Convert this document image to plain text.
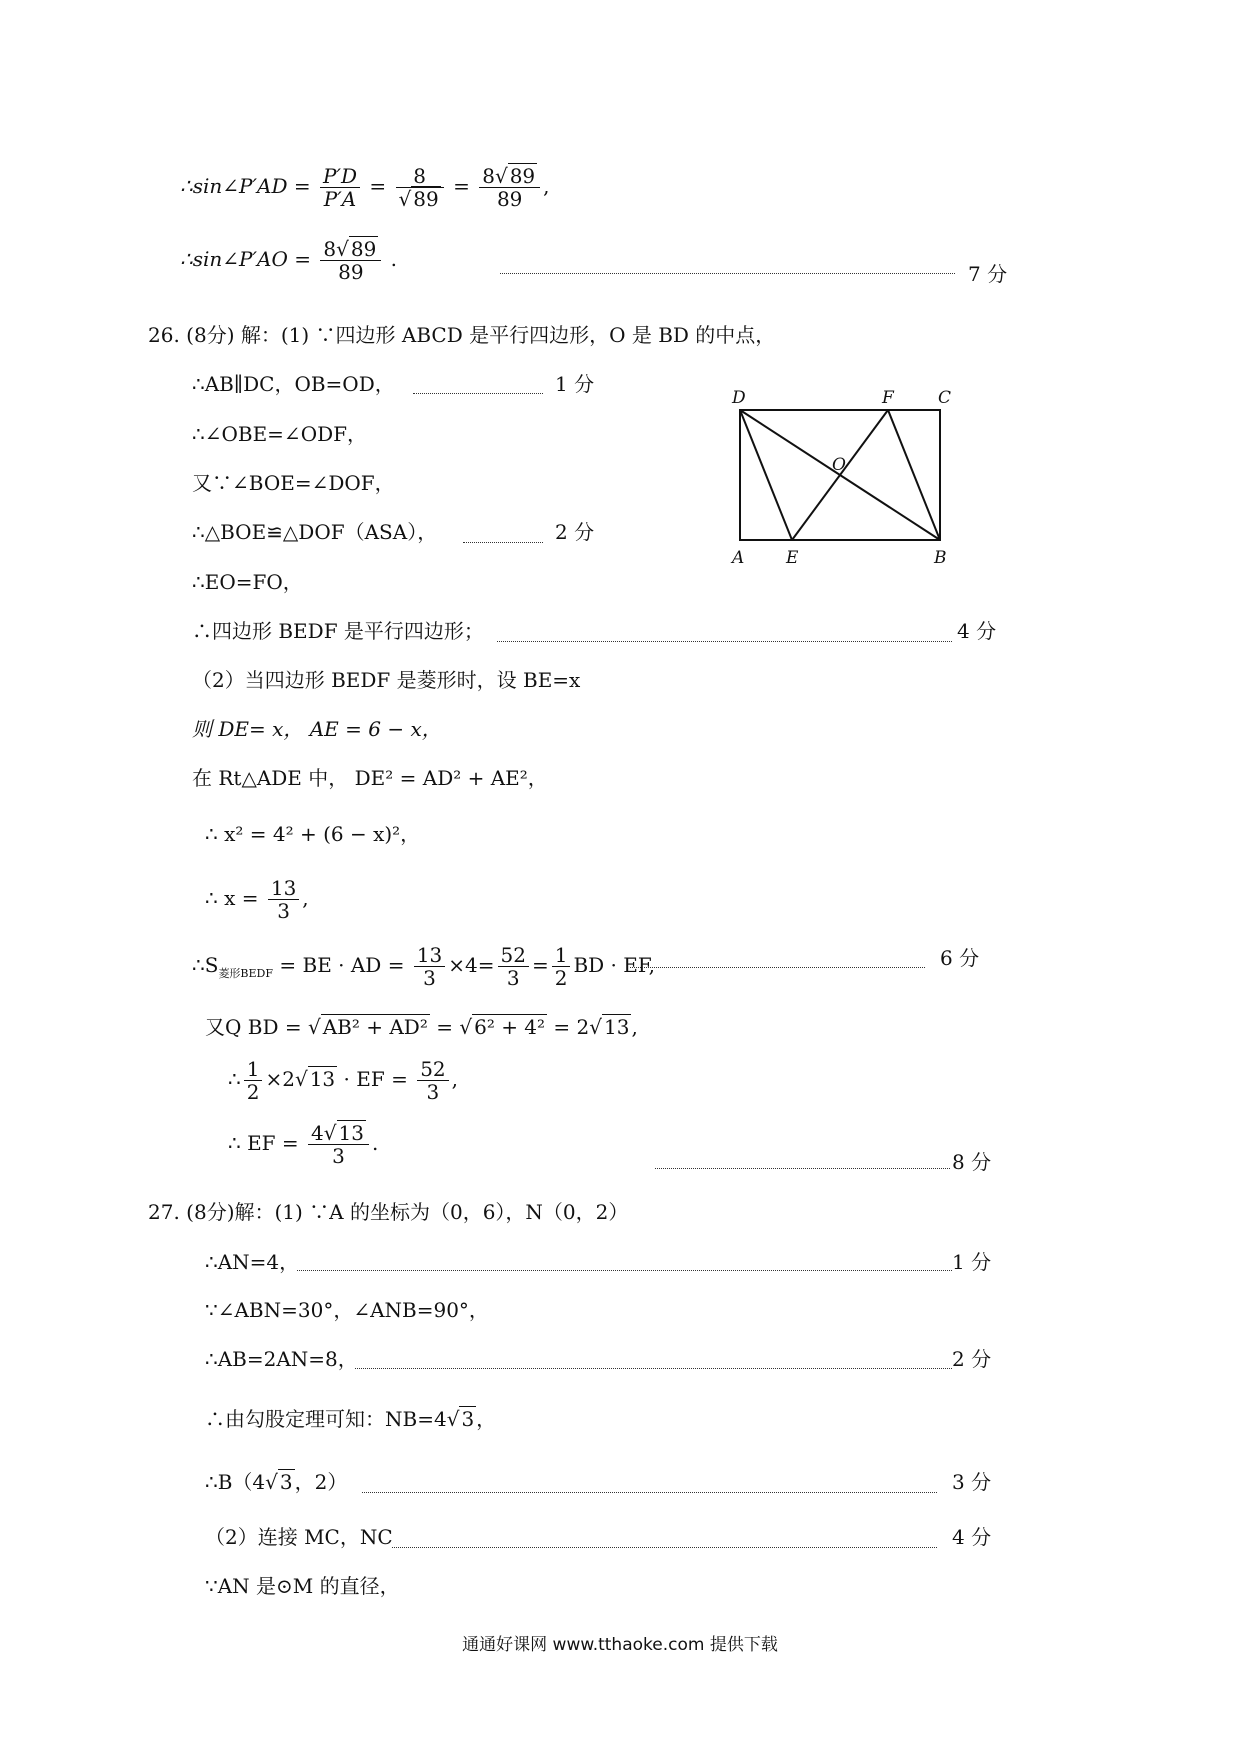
∴sin∠P′AD = $\frac{P'D}{P'A} = \frac{8}{√ 89} = \frac{8√ 89}{89}$ ,
∴sin∠P′AO = $\frac{8√ 89}{89}$ .
7 分
26. (8分) 解：(1) ∵四边形 ABCD 是平行四边形，O 是 BD 的中点，
∴AB∥DC，OB=OD，	1 分
∴∠OBE=∠ODF，
又∵∠BOE=∠DOF，
∴△BOE≌△DOF（ASA），	2 分
∴EO=FO，
∴四边形 BEDF 是平行四边形；	4 分
D	F	C
O
A E	B
（2）当四边形 BEDF 是菱形时，设 BE=x
则 DE= x， AE = 6 − x，
在 Rt△ADE 中， DE² = AD² + AE²，
∴ x² = 4² + (6 − x)²，
∴ $x = \frac{13}{3}$ ,
$\therefore S_{菱形BEDF}$ = BE · AD = $\frac{13}{3} \times 4= \frac{52}{3} = \frac{1}{2}$ BD · EF,	6 分
又Q BD = √ AB² + AD² = √ 6² + 4² = 2√ 13 ,
∴ $\frac{1}{2} \times 2√$ 13 · EF = $\frac{52}{3}$ ,
∴ EF = $\frac{4√ 13}{3}$ .
8 分
27. (8分)解：(1) ∵A 的坐标为（0，6），N（0，2）
∴AN=4，	1 分
∵∠ABN=30°，∠ANB=90°，
∴AB=2AN=8，	2 分
∴由勾股定理可知：NB=4√ 3 ，
∴B（4√ 3 ，2）	3 分
（2）连接 MC，NC	4 分
∵AN 是⊙M 的直径，
通通好课网 www.tthaoke.com 提供下载
